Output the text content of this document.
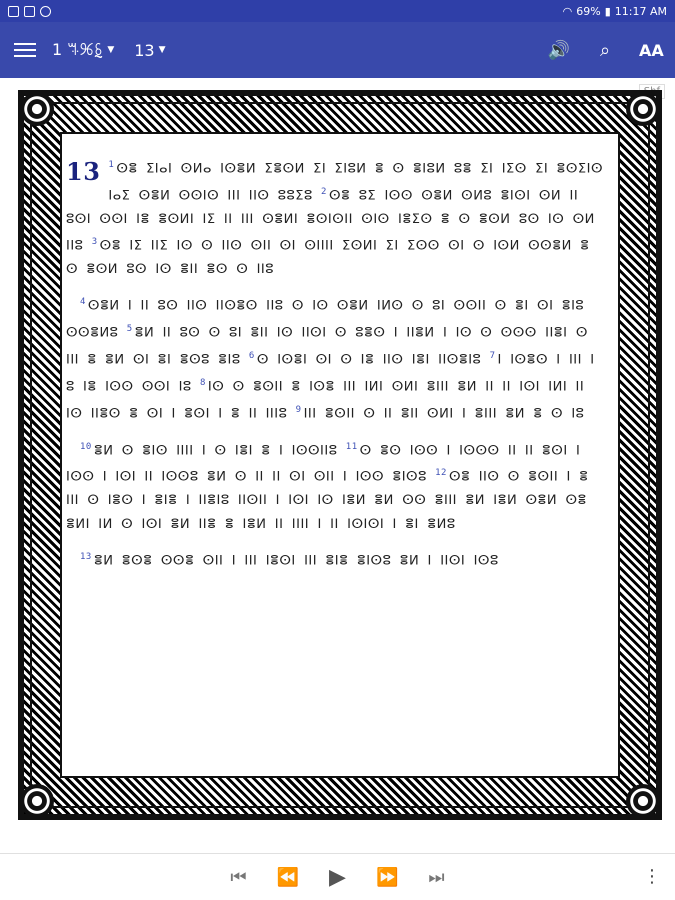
◠ 69% ▮ 11:17 AM
1 ꕐꕑꗐ ▼ 13 ▼	🔊	⌕	AA
13 $^1$ ⵙⴻ ⵉⵏⴰⵏ ⵙⵍⴰ ⵏⵙⴻⵍ ⵉⴻⵙⵍ ⵉⵏ ⵉⵏⵓⵍ ⴻ ⵙ ⴻⵏⵓⵍ ⵓⴻ ⵉⵏ ⵏⵉⵙ ⵉⵏ ⴻⵙⵉⵏⵙ ⵏⴰⵉ ⵙⴻⵍ ⵙⵙⵏⵙ ⵏⵏⵏ ⵏⵏⵙ ⵓⵓⵉⵓ $^2$ ⵙⴻ ⵓⵉ ⵏⵙⵙ ⵙⴻⵍ ⵙⵍⵓ ⴻⵏⵙⵏ ⵙⵍ ⵏⵏ ⵓⵙⵏ ⵙⵙⵏ ⵏⴻ ⴻⵙⵍⵏ ⵏⵉ ⵏⵏ ⵏⵏⵏ ⵙⴻⵍⵏ ⴻⵙⵏⵙⵏⵏ ⵙⵏⵙ ⵏⴻⵉⵙ ⴻ ⵙ ⴻⵙⵍ ⵓⵙ ⵏⵙ ⵙⵍ ⵏⵏⵓ $^3$ ⵙⴻ ⵏⵉ ⵏⵏⵉ ⵏⵙ ⵙ ⵏⵏⵙ ⵙⵏⵏ ⵙⵏ ⵙⵏⵏⵏⵏ ⵉⵙⵍⵏ ⵉⵏ ⵉⵙⵙ ⵙⵏ ⵙ ⵏⵙⵍ ⵙⵙⴻⵍ ⴻ ⵙ ⴻⵙⵍ ⵓⵙ ⵏⵙ ⴻⵏⵏ ⴻⵙ ⵙ ⵏⵏⵓ
$^4$ ⵙⴻⵍ ⵏ ⵏⵏ ⵓⵙ ⵏⵏⵙ ⵏⵏⵙⴻⵙ ⵏⵏⵓ ⵙ ⵏⵙ ⵙⴻⵍ ⵏⵍⵙ ⵙ ⵓⵏ ⵙⵙⵏⵏ ⵙ ⴻⵏ ⵙⵏ ⴻⵏⵓ ⵙⵙⴻⵍⵓ $^5$ ⴻⵍ ⵏⵏ ⵓⵙ ⵙ ⵓⵏ ⴻⵏⵏ ⵏⵙ ⵏⵏⵙⵏ ⵙ ⵓⴻⵙ ⵏ ⵏⵏⴻⵍ ⵏ ⵏⵙ ⵙ ⵙⵙⵙ ⵏⵏⴻⵏ ⵙ ⵏⵏⵏ ⴻ ⴻⵍ ⵙⵏ ⴻⵏ ⴻⵙⵓ ⴻⵏⵓ $^6$ ⵙ ⵏⵙⴻⵏ ⵙⵏ ⵙ ⵏⴻ ⵏⵏⵙ ⵏⴻⵏ ⵏⵏⵙⴻⵏⵓ $^7$ ⵏ ⵏⵙⴻⵙ ⵏ ⵏⵏⵏ ⵏ ⵓ ⵏⴻ ⵏⵙⵙ ⵙⵙⵏ ⵏⵓ $^8$ ⵏⵙ ⵙ ⴻⵙⵏⵏ ⴻ ⵏⵙⴻ ⵏⵏⵏ ⵏⵍⵏ ⵙⵍⵏ ⴻⵏⵏⵏ ⴻⵍ ⵏⵏ ⵏⵏ ⵏⵙⵏ ⵏⵍⵏ ⵏⵏ ⵏⵙ ⵏⵏⴻⵙ ⴻ ⵙⵏ ⵏ ⴻⵙⵏ ⵏ ⴻ ⵏⵏ ⵏⵏⵏⵓ $^9$ ⵏⵏⵏ ⴻⵙⵏⵏ ⵙ ⵏⵏ ⴻⵏⵏ ⵙⵍⵏ ⵏ ⴻⵏⵏⵏ ⴻⵍ ⴻ ⵙ ⵏⵓ
$^{10}$ ⴻⵍ ⵙ ⴻⵏⵙ ⵏⵏⵏⵏ ⵏ ⵙ ⵏⴻⵏ ⴻ ⵏ ⵏⵙⵙⵏⵏⵓ $^{11}$ ⵙ ⴻⵙ ⵏⵙⵙ ⵏ ⵏⵙⵙⵙ ⵏⵏ ⵏⵏ ⴻⵙⵏ ⵏ ⵏⵙⵙ ⵏ ⵏⵙⵏ ⵏⵏ ⵏⵙⵙⵓ ⴻⵍ ⵙ ⵏⵏ ⵏⵏ ⵙⵏ ⵙⵏⵏ ⵏ ⵏⵙⵙ ⴻⵏⵙⵓ $^{12}$ ⵙⴻ ⵏⵏⵙ ⵙ ⴻⵙⵏⵏ ⵏ ⴻ ⵏⵏⵏ ⵙ ⵏⴻⵙ ⵏ ⴻⵏⴻ ⵏ ⵏⵏⴻⵏⵓ ⵏⵏⵙⵏⵏ ⵏ ⵏⵙⵏ ⵏⵙ ⵏⴻⵍ ⴻⵍ ⵙⵙ ⴻⵏⵏⵏ ⴻⵍ ⵏⴻⵍ ⵙⴻⵍ ⵙⴻ ⴻⵍⵏ ⵏⵍ ⵙ ⵏⵙⵏ ⴻⵍ ⵏⵏⴻ ⴻ ⵏⴻⵍ ⵏⵏ ⵏⵏⵏⵏ ⵏ ⵏⵏ ⵏⵙⵏⵙⵏ ⵏ ⴻⵏ ⴻⵍⵓ
$^{13}$ ⴻⵍ ⴻⵙⴻ ⵙⵙⴻ ⵙⵏⵏ ⵏ ⵏⵏⵏ ⵏⴻⵙⵏ ⵏⵏⵏ ⴻⵏⴻ ⴻⵏⵙⵓ ⴻⵍ ⵏ ⵏⵏⵙⵏ ⵏⵙⵓ
⏮ ⏪ ▶ ⏩ ⏭	⋮
